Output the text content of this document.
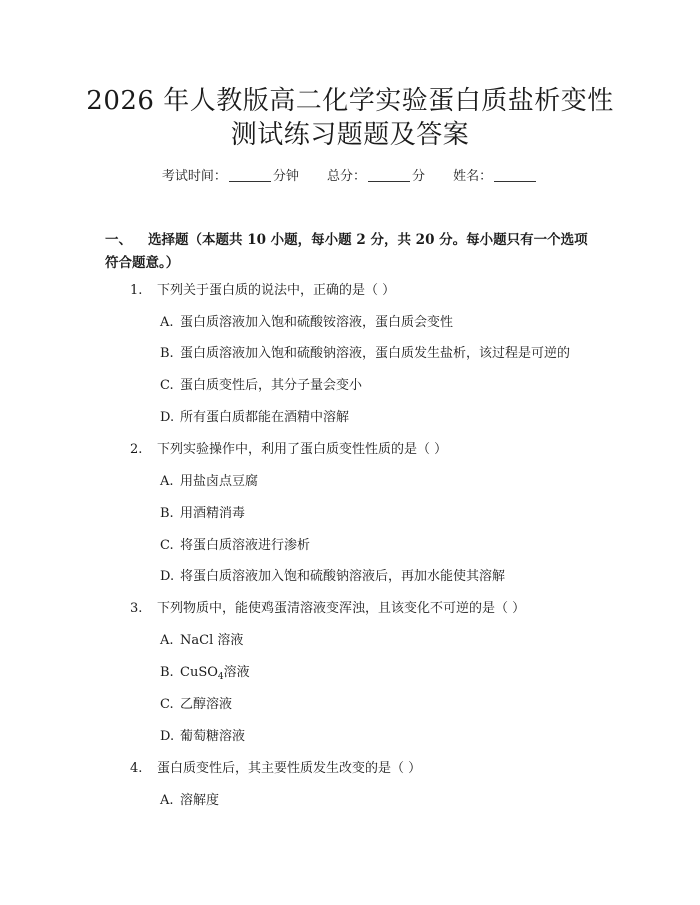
2026 年人教版高二化学实验蛋白质盐析变性
测试练习题题及答案
考试时间：	分钟 总分：	分 姓名：
一、 选择题（本题共 10 小题，每小题 2 分，共 20 分。每小题只有一个选项符合题意。）
1. 下列关于蛋白质的说法中，正确的是（ ）
A. 蛋白质溶液加入饱和硫酸铵溶液，蛋白质会变性
B. 蛋白质溶液加入饱和硫酸钠溶液，蛋白质发生盐析，该过程是可逆的
C. 蛋白质变性后，其分子量会变小
D. 所有蛋白质都能在酒精中溶解
2. 下列实验操作中，利用了蛋白质变性性质的是（ ）
A. 用盐卤点豆腐
B. 用酒精消毒
C. 将蛋白质溶液进行渗析
D. 将蛋白质溶液加入饱和硫酸钠溶液后，再加水能使其溶解
3. 下列物质中，能使鸡蛋清溶液变浑浊，且该变化不可逆的是（ ）
A. NaCl 溶液
B. CuSO$_4$溶液
C. 乙醇溶液
D. 葡萄糖溶液
4. 蛋白质变性后，其主要性质发生改变的是（ ）
A. 溶解度
